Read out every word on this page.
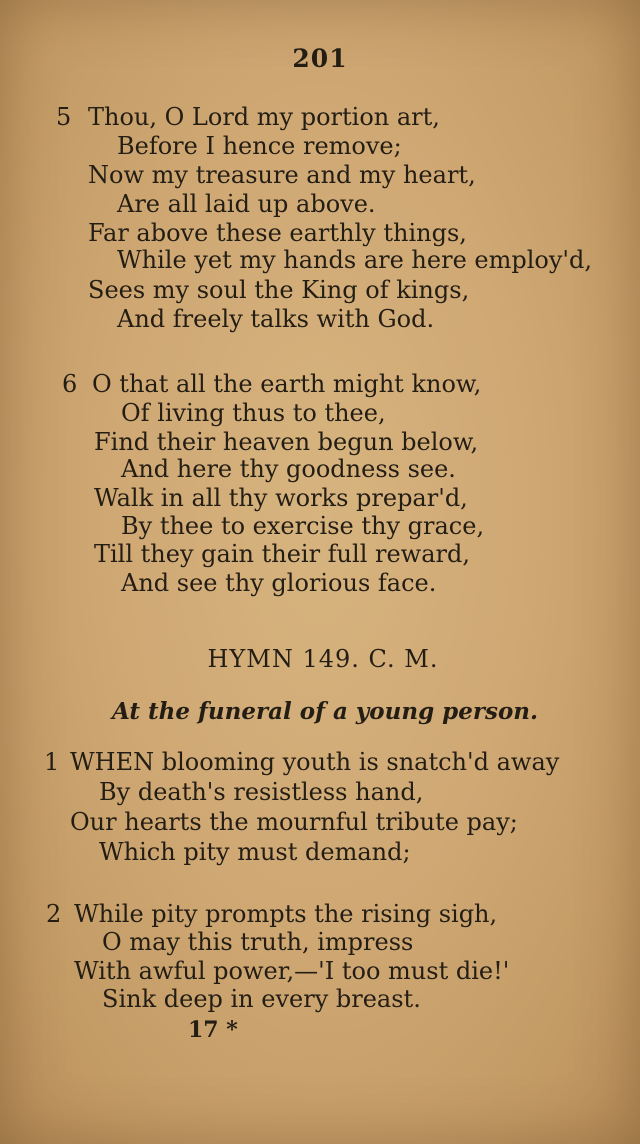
201
5 Thou, O Lord my portion art,
Before I hence remove;
Now my treasure and my heart,
Are all laid up above.
Far above these earthly things,
While yet my hands are here employ'd,
Sees my soul the King of kings,
And freely talks with God.
6 O that all the earth might know,
Of living thus to thee,
Find their heaven begun below,
And here thy goodness see.
Walk in all thy works prepar'd,
By thee to exercise thy grace,
Till they gain their full reward,
And see thy glorious face.
HYMN 149. C. M.
At the funeral of a young person.
1 WHEN blooming youth is snatch'd away
By death's resistless hand,
Our hearts the mournful tribute pay;
Which pity must demand;
2 While pity prompts the rising sigh,
O may this truth, impress
With awful power,—'I too must die!'
Sink deep in every breast.
17 *
